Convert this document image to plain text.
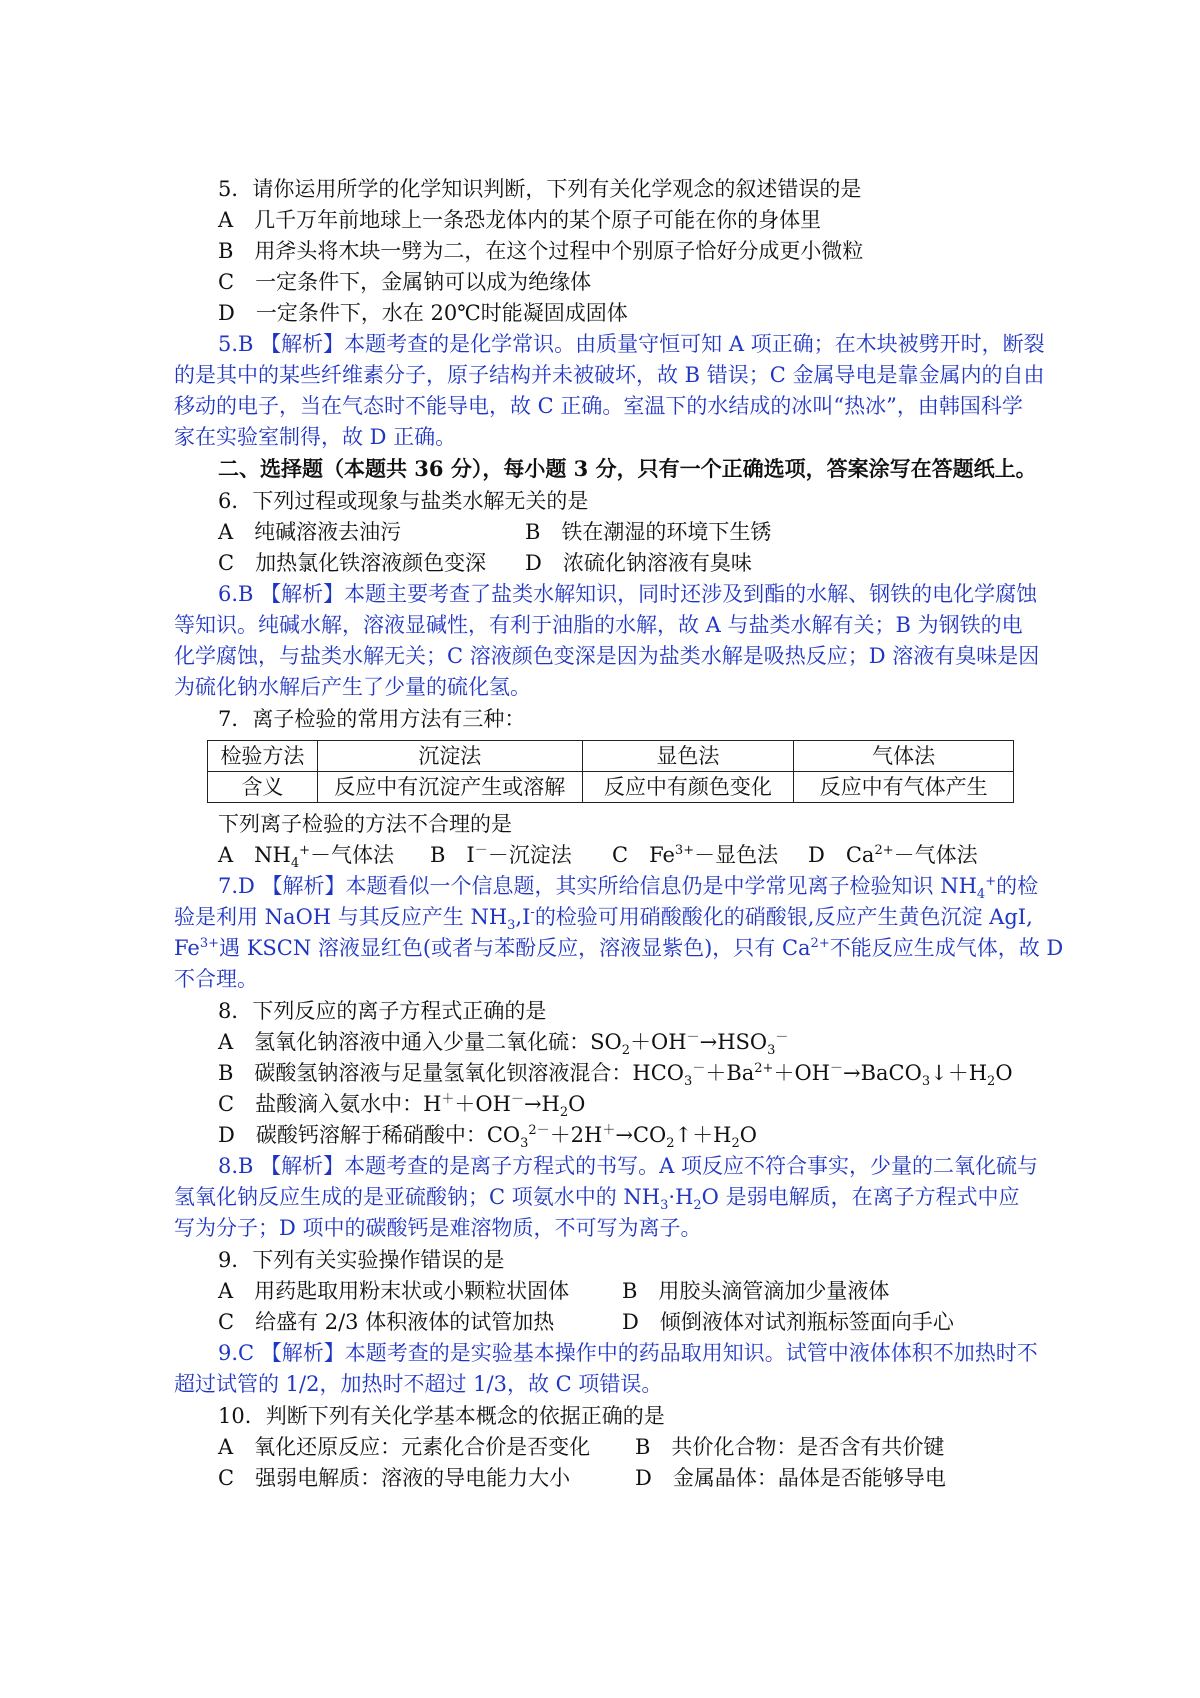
5．请你运用所学的化学知识判断，下列有关化学观念的叙述错误的是
A　几千万年前地球上一条恐龙体内的某个原子可能在你的身体里
B　用斧头将木块一劈为二，在这个过程中个别原子恰好分成更小微粒
C　一定条件下，金属钠可以成为绝缘体
D　一定条件下，水在 20℃时能凝固成固体
5.B 【解析】本题考查的是化学常识。由质量守恒可知 A 项正确；在木块被劈开时，断裂
的是其中的某些纤维素分子，原子结构并未被破坏，故 B 错误；C 金属导电是靠金属内的自由
移动的电子，当在气态时不能导电，故 C 正确。室温下的水结成的冰叫“热冰”，由韩国科学
家在实验室制得，故 D 正确。
二、选择题（本题共 36 分），每小题 3 分，只有一个正确选项，答案涂写在答题纸上。
6．下列过程或现象与盐类水解无关的是
A　纯碱溶液去油污	B　铁在潮湿的环境下生锈
C　加热氯化铁溶液颜色变深 D　浓硫化钠溶液有臭味
6.B 【解析】本题主要考查了盐类水解知识，同时还涉及到酯的水解、钢铁的电化学腐蚀
等知识。纯碱水解，溶液显碱性，有利于油脂的水解，故 A 与盐类水解有关；B 为钢铁的电
化学腐蚀，与盐类水解无关；C 溶液颜色变深是因为盐类水解是吸热反应；D 溶液有臭味是因
为硫化钠水解后产生了少量的硫化氢。
7．离子检验的常用方法有三种：
检验方法	沉淀法	显色法	气体法
含义	反应中有沉淀产生或溶解	反应中有颜色变化	反应中有气体产生
下列离子检验的方法不合理的是
A　$NH_4^+-$气体法 B　I－－沉淀法 C　$Fe^{3+}-$显色法 D　$Ca^{2+}-$气体法
7.D 【解析】本题看似一个信息题，其实所给信息仍是中学常见离子检验知识 $NH_4^+$的检
验是利用 NaOH 与其反应产生 $NH_3,I^-$的检验可用硝酸酸化的硝酸银,反应产生黄色沉淀 AgI,
$Fe^{3+}$遇 KSCN 溶液显红色(或者与苯酚反应，溶液显紫色)，只有 $Ca^{2+}$不能反应生成气体，故 D
不合理。
8．下列反应的离子方程式正确的是
A　氢氧化钠溶液中通入少量二氧化硫：$SO_2+OH^-\to HSO_3^-$
B　碳酸氢钠溶液与足量氢氧化钡溶液混合：$HCO_3^-+Ba^{2+}+OH^-\to BaCO_3↓+H_2O$
C　盐酸滴入氨水中：$H^++OH^-\to H_2O$
D　碳酸钙溶解于稀硝酸中：$CO_3^{2-}+2H^+\to CO_2↑+H_2O$
8.B 【解析】本题考查的是离子方程式的书写。A 项反应不符合事实，少量的二氧化硫与
氢氧化钠反应生成的是亚硫酸钠；C 项氨水中的 $NH_3\cdot H_2O$ 是弱电解质，在离子方程式中应
写为分子；D 项中的碳酸钙是难溶物质，不可写为离子。
9．下列有关实验操作错误的是
A　用药匙取用粉末状或小颗粒状固体	B　用胶头滴管滴加少量液体
C　给盛有 2/3 体积液体的试管加热	D　倾倒液体对试剂瓶标签面向手心
9.C 【解析】本题考查的是实验基本操作中的药品取用知识。试管中液体体积不加热时不
超过试管的 1/2，加热时不超过 1/3，故 C 项错误。
10．判断下列有关化学基本概念的依据正确的是
A　氧化还原反应：元素化合价是否变化 B　共价化合物：是否含有共价键
C　强弱电解质：溶液的导电能力大小	D　金属晶体：晶体是否能够导电
